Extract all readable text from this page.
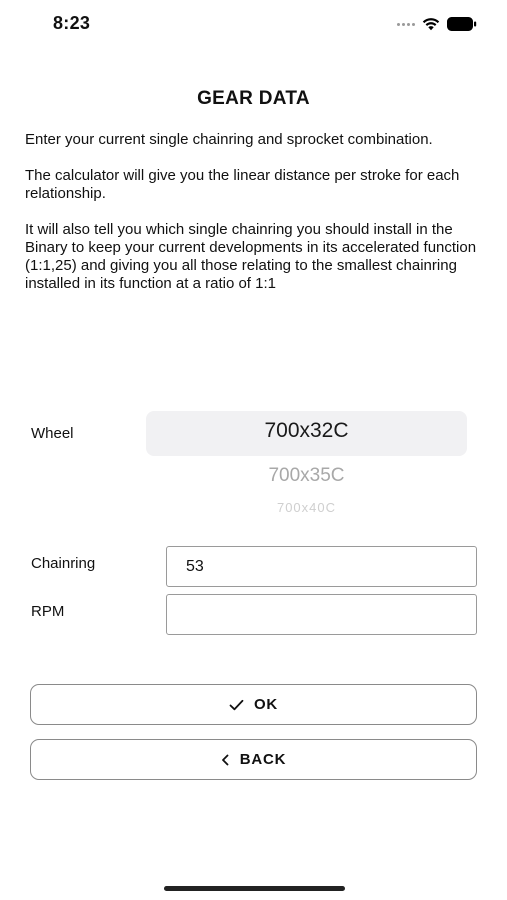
8:23
GEAR DATA

Enter your current single chainring and sprocket combination.

The calculator will give you the linear distance per stroke for each relationship.

It will also tell you which single chainring you should install in the Binary to keep your current developments in its accelerated function (1:1,25) and giving you all those relating to the smallest chainring installed in its function at a ratio of 1:1

Wheel	700x32C
700x35C
700x40C
Chainring	53
RPM
OK
BACK
